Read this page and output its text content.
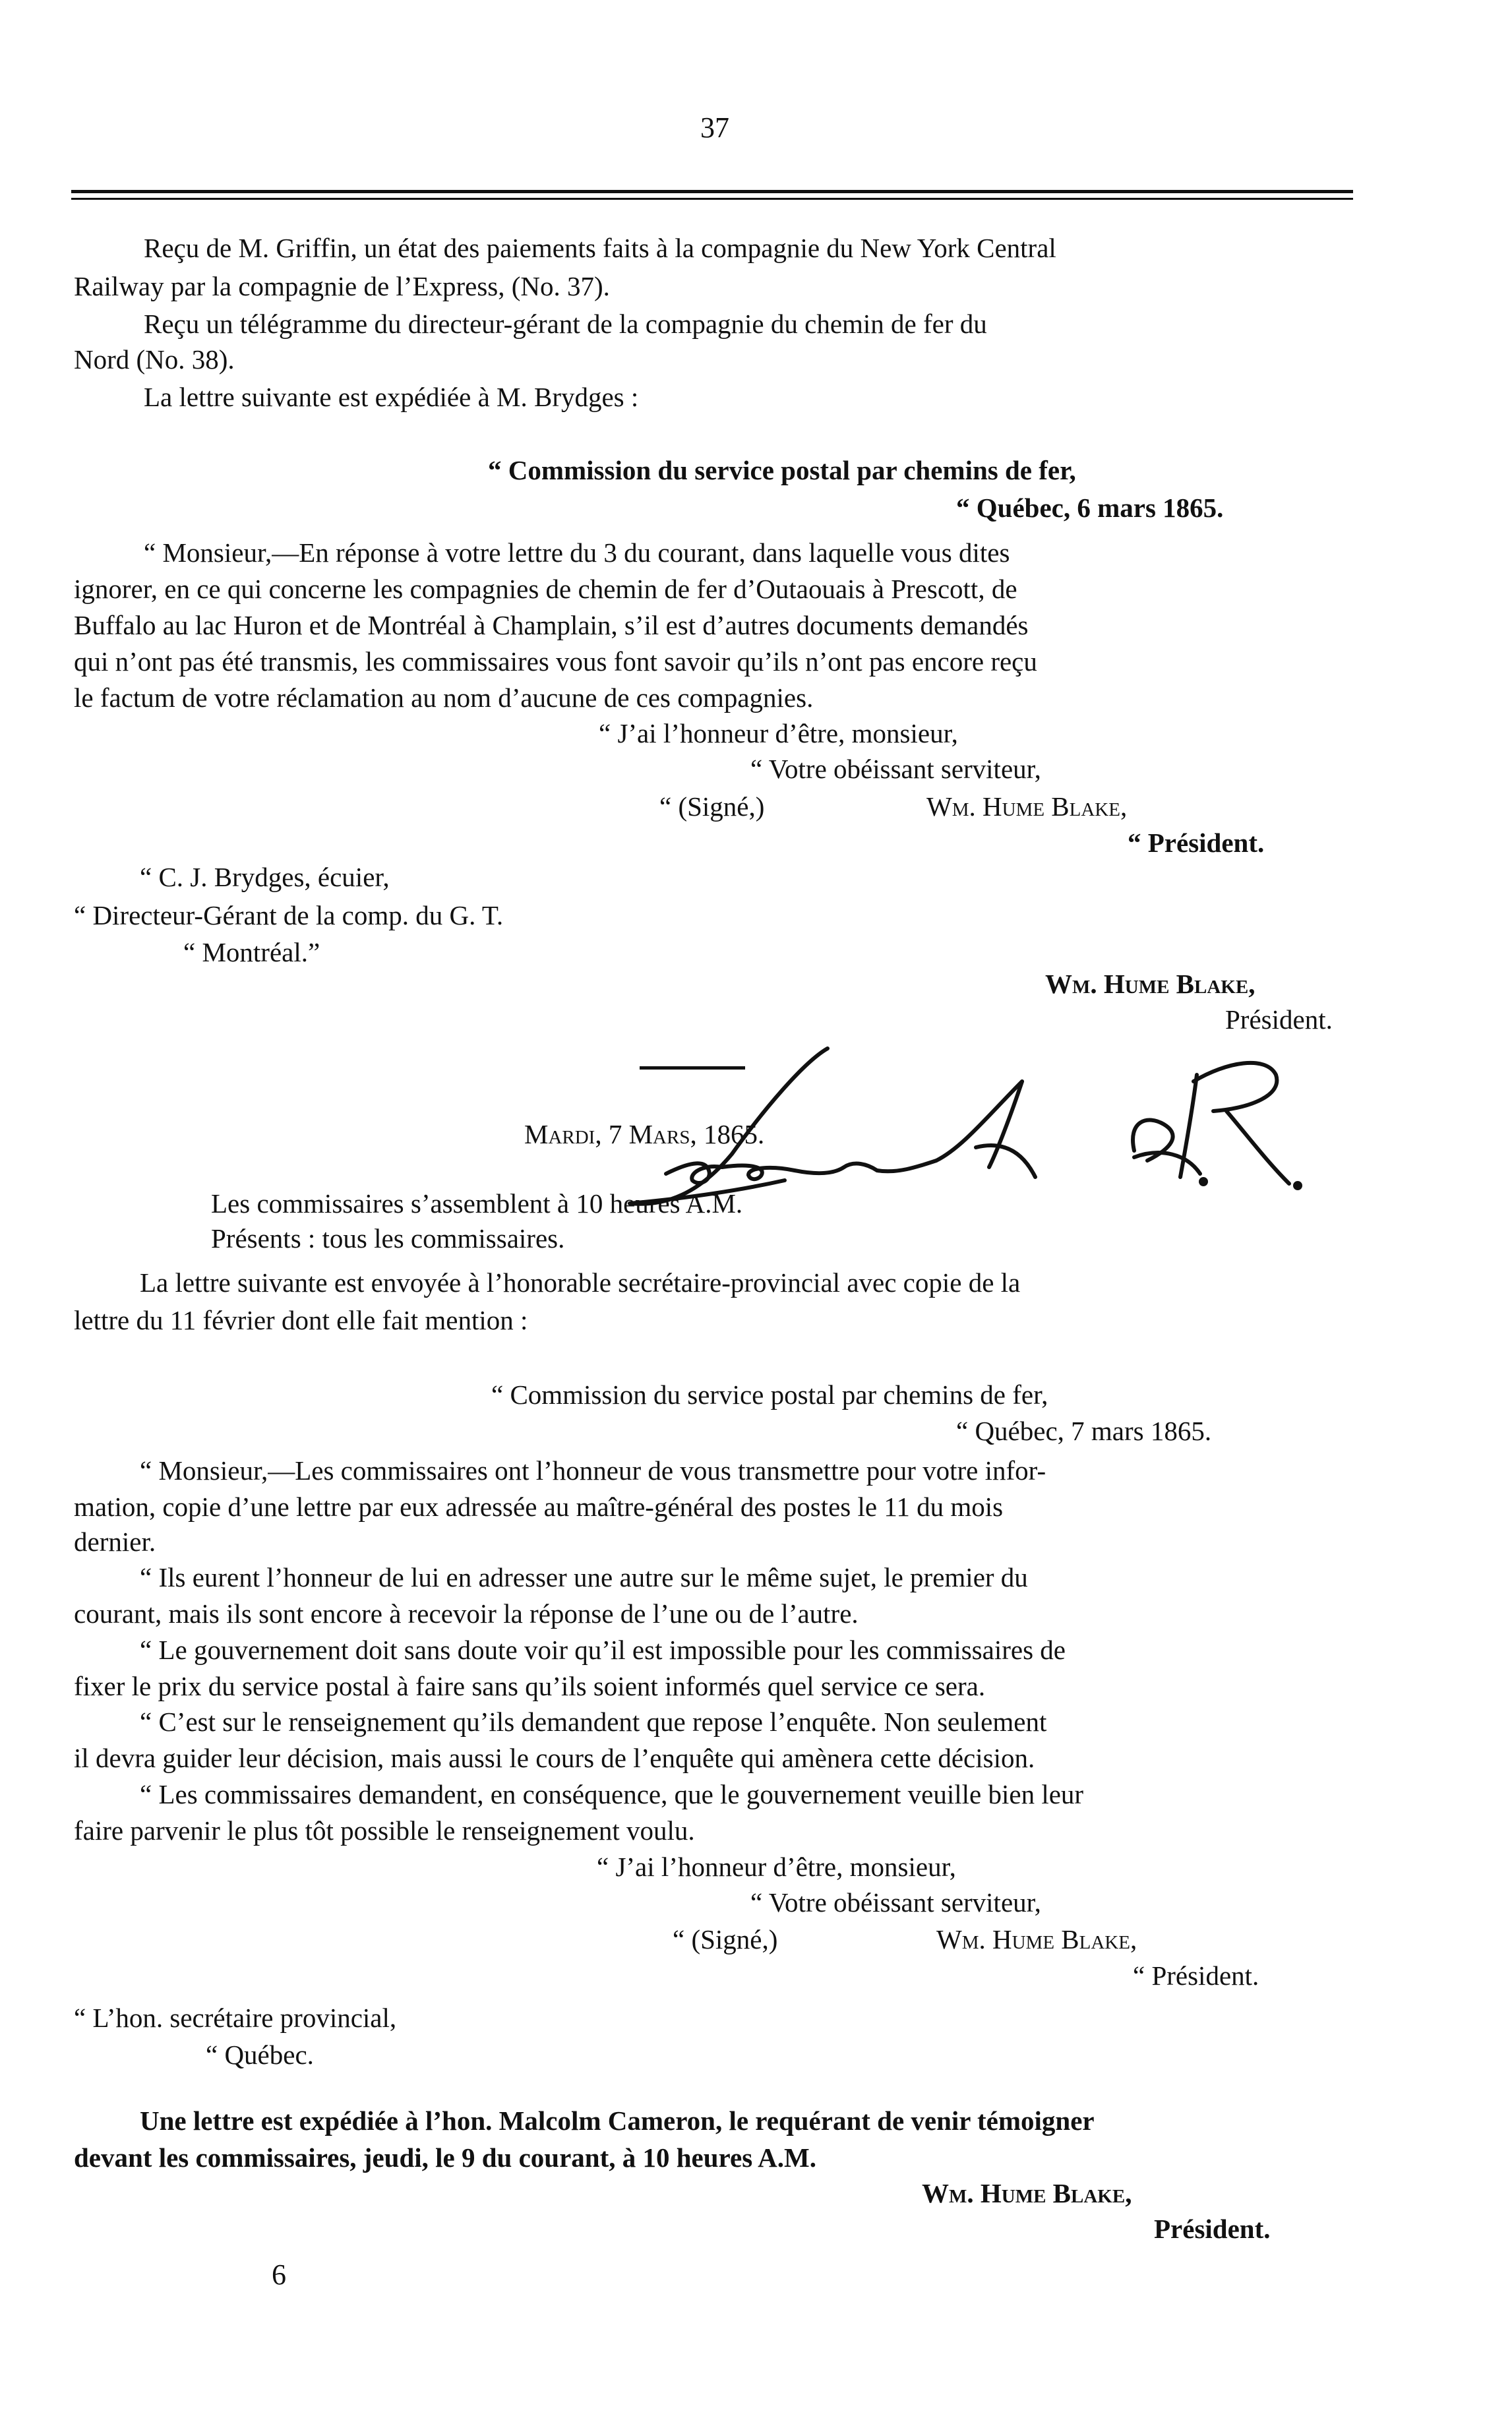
37
Reçu de M. Griffin, un état des paiements faits à la compagnie du New York Central
Railway par la compagnie de l’Express, (No. 37).
Reçu un télégramme du directeur-gérant de la compagnie du chemin de fer du
Nord (No. 38).
La lettre suivante est expédiée à M. Brydges :
“ Commission du service postal par chemins de fer,
“ Québec, 6 mars 1865.
“ Monsieur,—En réponse à votre lettre du 3 du courant, dans laquelle vous dites
ignorer, en ce qui concerne les compagnies de chemin de fer d’Outaouais à Prescott, de
Buffalo au lac Huron et de Montréal à Champlain, s’il est d’autres documents demandés
qui n’ont pas été transmis, les commissaires vous font savoir qu’ils n’ont pas encore reçu
le factum de votre réclamation au nom d’aucune de ces compagnies.
“ J’ai l’honneur d’être, monsieur,
“ Votre obéissant serviteur,
“ (Signé,)	Wm. Hume Blake,
“ Président.
“ C. J. Brydges, écuier,
“ Directeur-Gérant de la comp. du G. T.
“ Montréal.”
Wm. Hume Blake,
Président.
Mardi, 7 Mars, 1865.
Les commissaires s’assemblent à 10 heures A.M.
Présents : tous les commissaires.
La lettre suivante est envoyée à l’honorable secrétaire-provincial avec copie de la
lettre du 11 février dont elle fait mention :
“ Commission du service postal par chemins de fer,
“ Québec, 7 mars 1865.
“ Monsieur,—Les commissaires ont l’honneur de vous transmettre pour votre infor-
mation, copie d’une lettre par eux adressée au maître-général des postes le 11 du mois
dernier.
“ Ils eurent l’honneur de lui en adresser une autre sur le même sujet, le premier du
courant, mais ils sont encore à recevoir la réponse de l’une ou de l’autre.
“ Le gouvernement doit sans doute voir qu’il est impossible pour les commissaires de
fixer le prix du service postal à faire sans qu’ils soient informés quel service ce sera.
“ C’est sur le renseignement qu’ils demandent que repose l’enquête. Non seulement
il devra guider leur décision, mais aussi le cours de l’enquête qui amènera cette décision.
“ Les commissaires demandent, en conséquence, que le gouvernement veuille bien leur
faire parvenir le plus tôt possible le renseignement voulu.
“ J’ai l’honneur d’être, monsieur,
“ Votre obéissant serviteur,
“ (Signé,)	Wm. Hume Blake,
“ Président.
“ L’hon. secrétaire provincial,
“ Québec.
Une lettre est expédiée à l’hon. Malcolm Cameron, le requérant de venir témoigner
devant les commissaires, jeudi, le 9 du courant, à 10 heures A.M.
Wm. Hume Blake,
Président.
6
